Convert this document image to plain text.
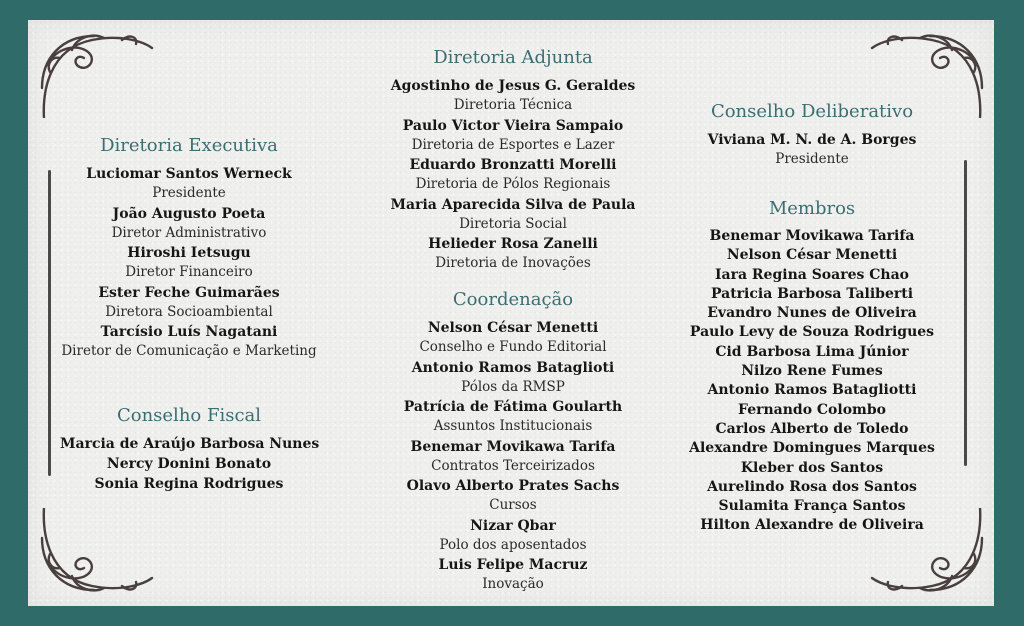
Diretoria Executiva
Luciomar Santos Werneck
Presidente
João Augusto Poeta
Diretor Administrativo
Hiroshi Ietsugu
Diretor Financeiro
Ester Feche Guimarães
Diretora Socioambiental
Tarcísio Luís Nagatani
Diretor de Comunicação e Marketing
Conselho Fiscal
Marcia de Araújo Barbosa Nunes
Nercy Donini Bonato
Sonia Regina Rodrigues
Diretoria Adjunta
Agostinho de Jesus G. Geraldes
Diretoria Técnica
Paulo Victor Vieira Sampaio
Diretoria de Esportes e Lazer
Eduardo Bronzatti Morelli
Diretoria de Pólos Regionais
Maria Aparecida Silva de Paula
Diretoria Social
Helieder Rosa Zanelli
Diretoria de Inovações
Coordenação
Nelson César Menetti
Conselho e Fundo Editorial
Antonio Ramos Bataglioti
Pólos da RMSP
Patrícia de Fátima Goularth
Assuntos Institucionais
Benemar Movikawa Tarifa
Contratos Terceirizados
Olavo Alberto Prates Sachs
Cursos
Nizar Qbar
Polo dos aposentados
Luis Felipe Macruz
Inovação
Conselho Deliberativo
Viviana M. N. de A. Borges
Presidente
Membros
Benemar Movikawa Tarifa
Nelson César Menetti
Iara Regina Soares Chao
Patricia Barbosa Taliberti
Evandro Nunes de Oliveira
Paulo Levy de Souza Rodrigues
Cid Barbosa Lima Júnior
Nilzo Rene Fumes
Antonio Ramos Batagliotti
Fernando Colombo
Carlos Alberto de Toledo
Alexandre Domingues Marques
Kleber dos Santos
Aurelindo Rosa dos Santos
Sulamita França Santos
Hilton Alexandre de Oliveira
